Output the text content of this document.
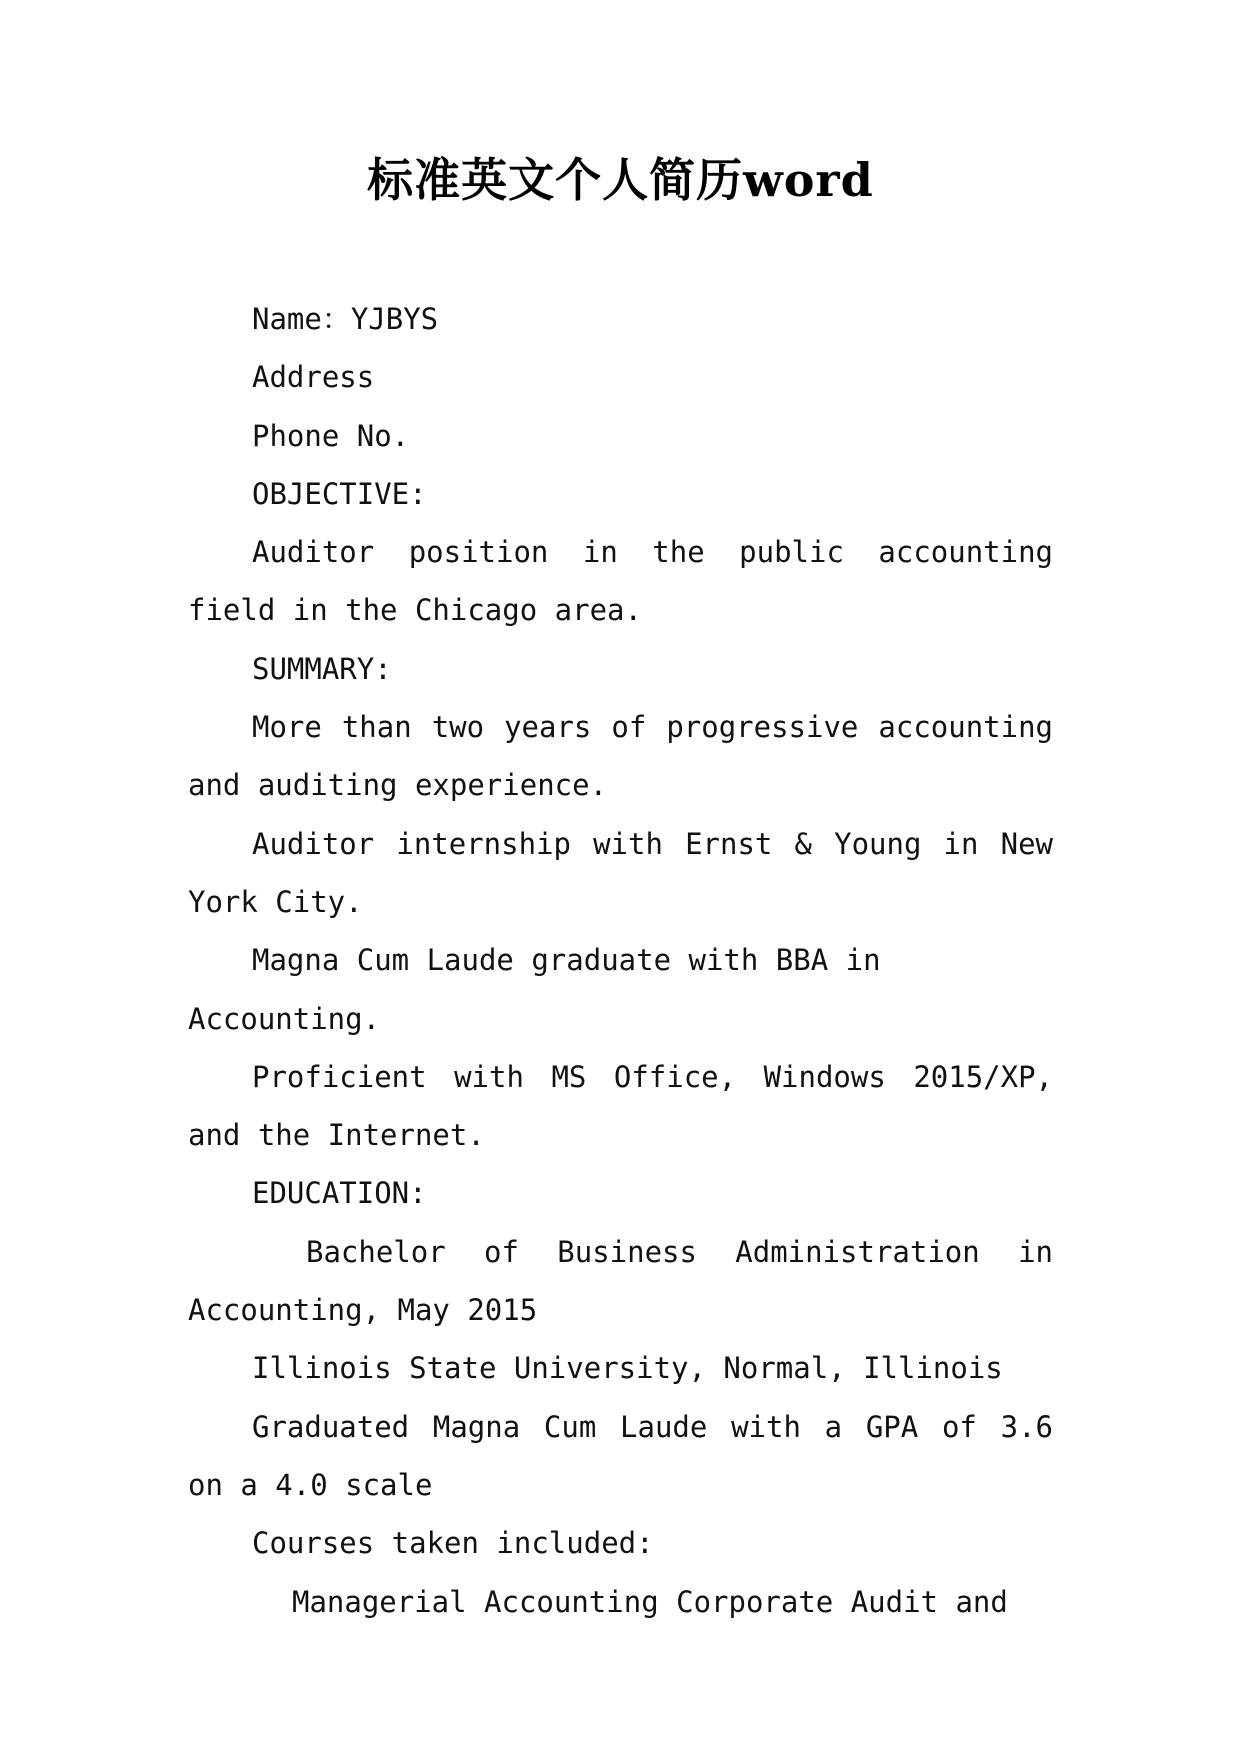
标准英文个人简历word

Name：YJBYS

Address

Phone No.

OBJECTIVE:

Auditor position in the public accounting field in the Chicago area.

SUMMARY:

More than two years of progressive accounting and auditing experience.

Auditor internship with Ernst & Young in New York City.

Magna Cum Laude graduate with BBA in Accounting.

Proficient with MS Office, Windows 2015/XP, and the Internet.

EDUCATION:

Bachelor of Business Administration in Accounting, May 2015

Illinois State University, Normal, Illinois

Graduated Magna Cum Laude with a GPA of 3.6 on a 4.0 scale

Courses taken included:

Managerial Accounting Corporate Audit and
